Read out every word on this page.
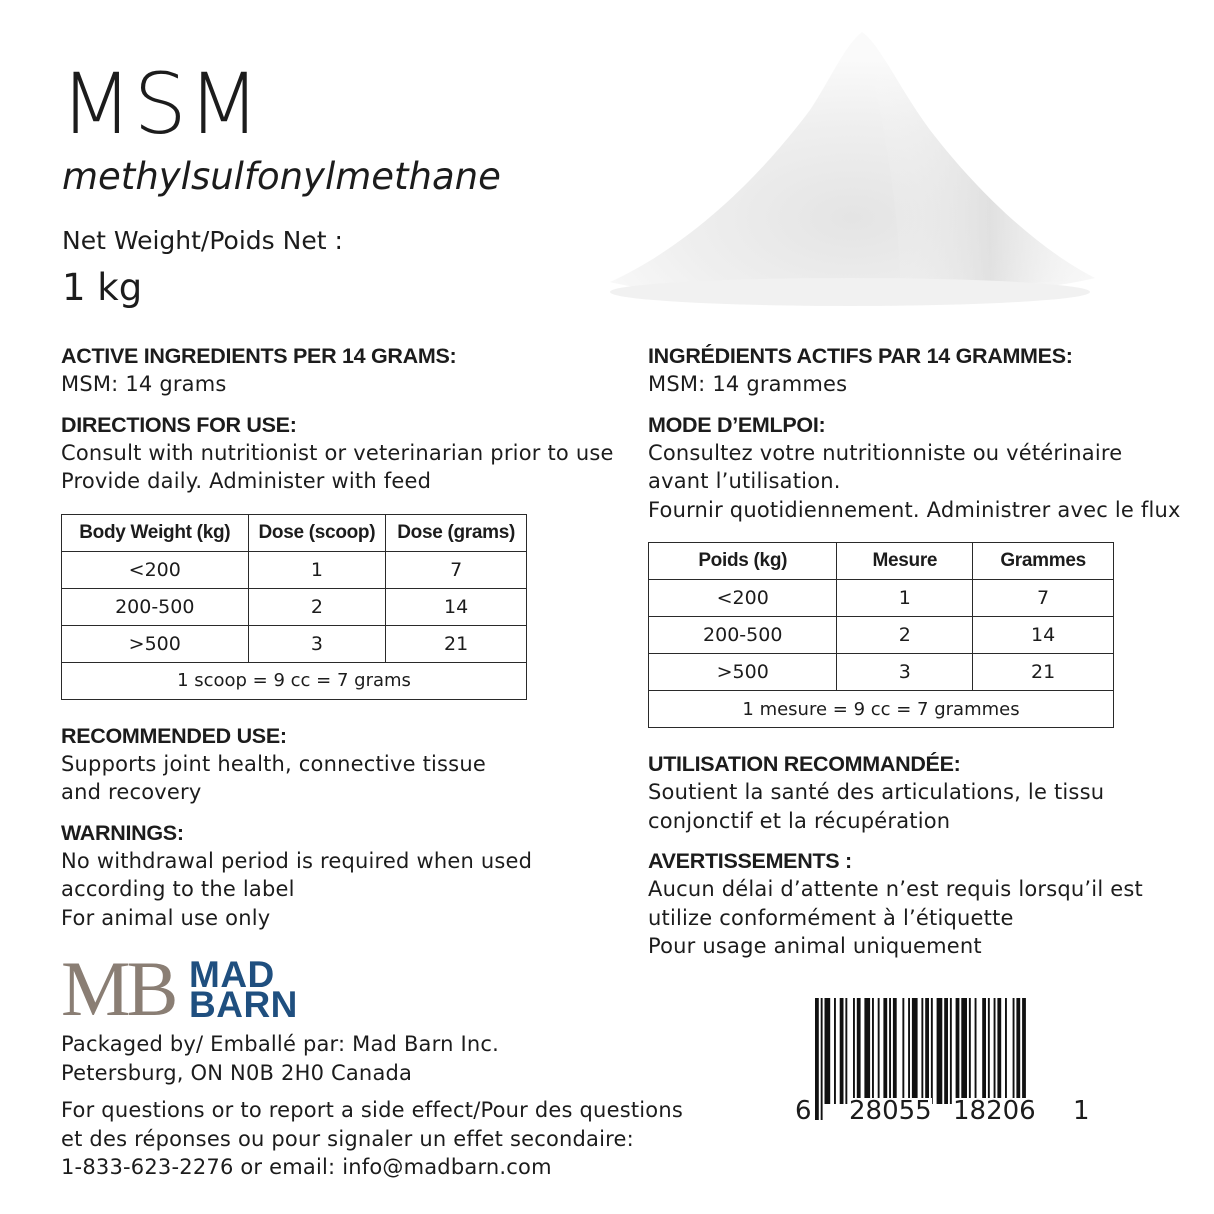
MSM
methylsulfonylmethane
Net Weight/Poids Net :
1 kg
ACTIVE INGREDIENTS PER 14 GRAMS:
MSM: 14 grams
DIRECTIONS FOR USE:
Consult with nutritionist or veterinarian prior to use
Provide daily. Administer with feed
Body Weight (kg)	Dose (scoop)	Dose (grams)
<200	1	7
200-500	2	14
>500	3	21
1 scoop = 9 cc = 7 grams		
RECOMMENDED USE:
Supports joint health, connective tissue
and recovery
WARNINGS:
No withdrawal period is required when used
according to the label
For animal use only
INGRÉDIENTS ACTIFS PAR 14 GRAMMES:
MSM: 14 grammes
MODE D’EMLPOI:
Consultez votre nutritionniste ou vétérinaire
avant l’utilisation.
Fournir quotidiennement. Administrer avec le flux
Poids (kg)	Mesure	Grammes
<200	1	7
200-500	2	14
>500	3	21
1 mesure = 9 cc = 7 grammes		
UTILISATION RECOMMANDÉE:
Soutient la santé des articulations, le tissu
conjonctif et la récupération
AVERTISSEMENTS :
Aucun délai d’attente n’est requis lorsqu’il est
utilize conformément à l’étiquette
Pour usage animal uniquement
MB MAD
BARN
Packaged by/ Emballé par: Mad Barn Inc.
Petersburg, ON N0B 2H0 Canada
For questions or to report a side effect/Pour des questions
et des réponses ou pour signaler un effet secondaire:
1-833-623-2276 or email: info@madbarn.com
6 28055 18206 1
